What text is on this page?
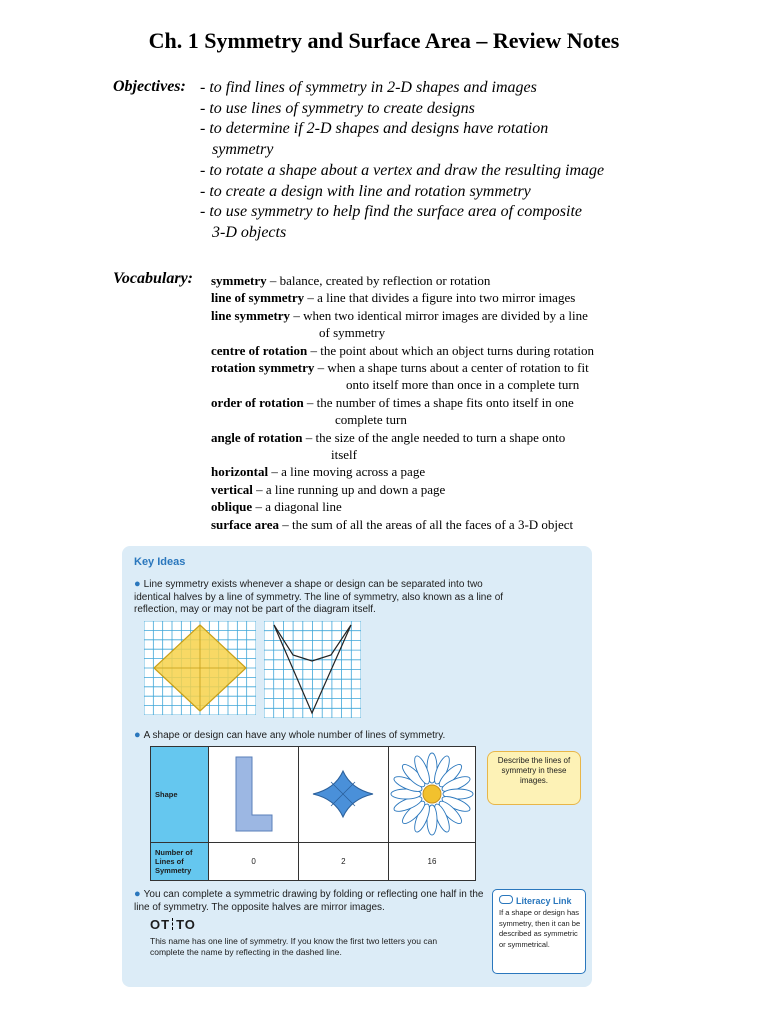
Ch. 1 Symmetry and Surface Area – Review Notes
Objectives: - to find lines of symmetry in 2-D shapes and images
- to use lines of symmetry to create designs
- to determine if 2-D shapes and designs have rotation
symmetry
- to rotate a shape about a vertex and draw the resulting image
- to create a design with line and rotation symmetry
- to use symmetry to help find the surface area of composite
3-D objects
Vocabulary: symmetry – balance, created by reflection or rotation
line of symmetry – a line that divides a figure into two mirror images
line symmetry – when two identical mirror images are divided by a line
of symmetry
centre of rotation – the point about which an object turns during rotation
rotation symmetry – when a shape turns about a center of rotation to fit
onto itself more than once in a complete turn
order of rotation – the number of times a shape fits onto itself in one
complete turn
angle of rotation – the size of the angle needed to turn a shape onto
itself
horizontal – a line moving across a page
vertical – a line running up and down a page
oblique – a diagonal line
surface area – the sum of all the areas of all the faces of a 3-D object
Key Ideas
● Line symmetry exists whenever a shape or design can be separated into two identical halves by a line of symmetry. The line of symmetry, also known as a line of reflection, may or may not be part of the diagram itself.
● A shape or design can have any whole number of lines of symmetry.
Shape			
Number of Lines of Symmetry	0	2	16
Describe the lines of symmetry in these images.
● You can complete a symmetric drawing by folding or reflecting one half in the line of symmetry. The opposite halves are mirror images.
OT TO
This name has one line of symmetry. If you know the first two letters you can complete the name by reflecting in the dashed line.
Literacy Link
If a shape or design has symmetry, then it can be described as symmetric or symmetrical.
